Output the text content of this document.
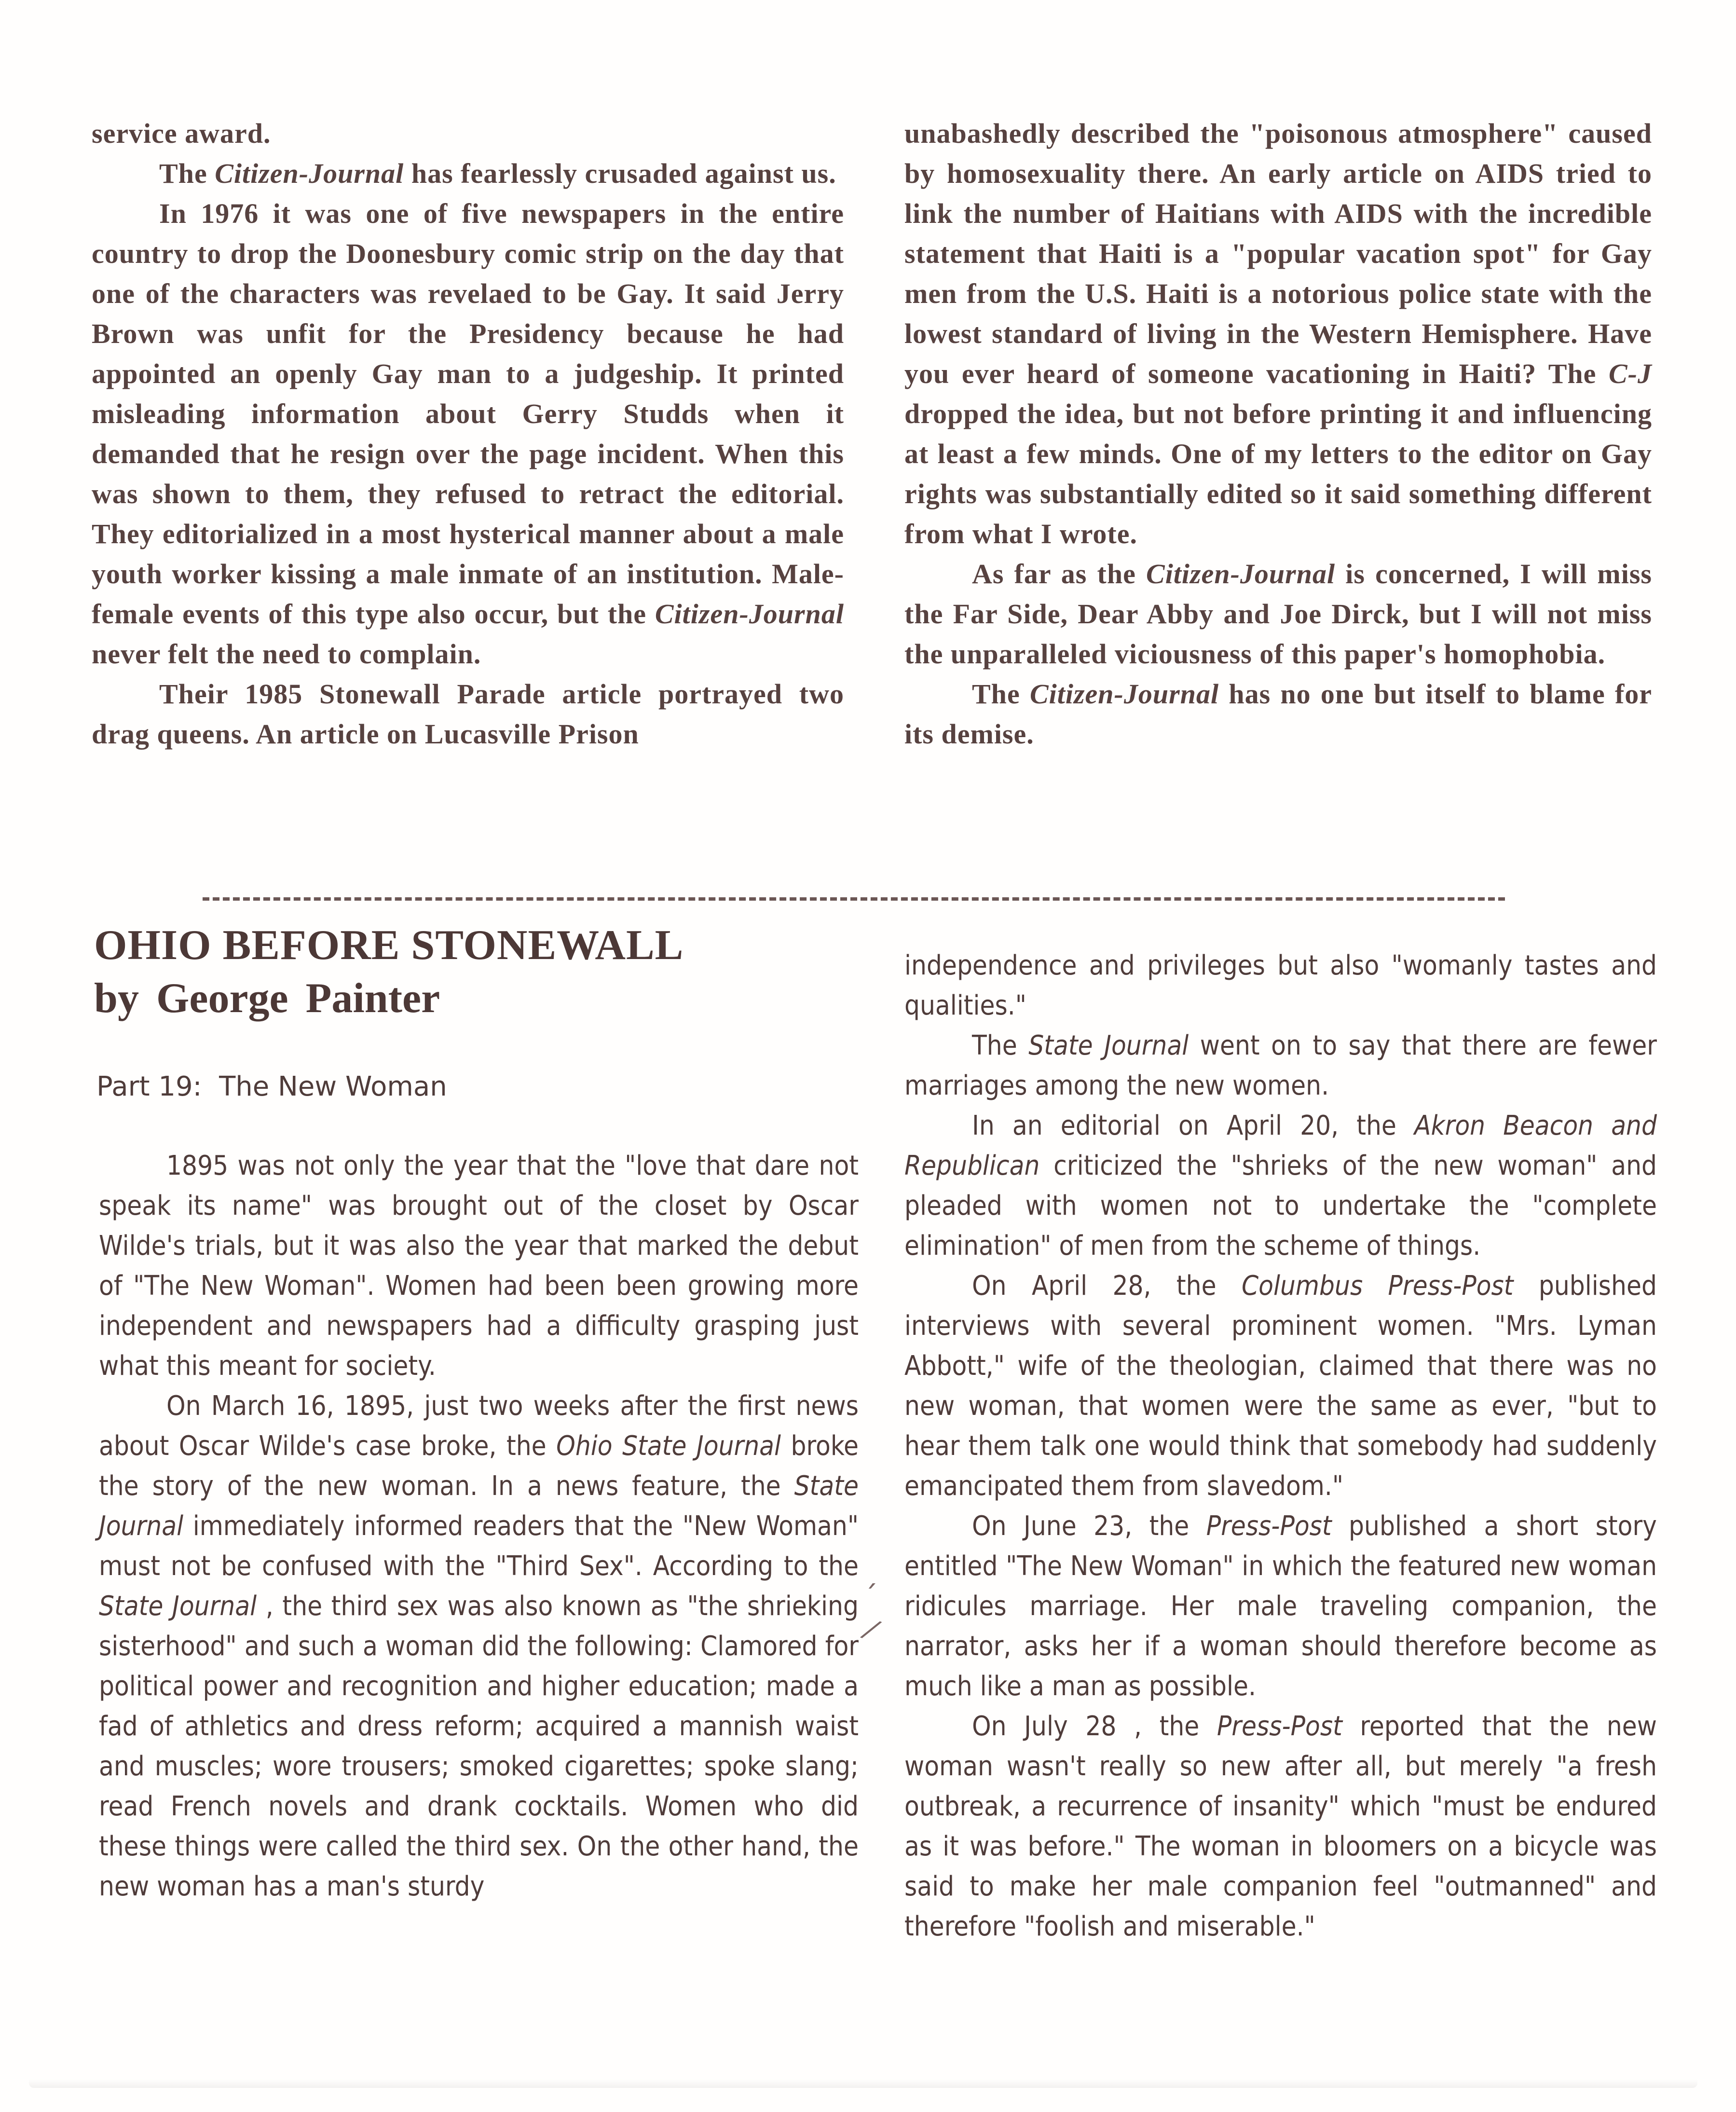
service award.

The Citizen-Journal has fearlessly crusaded against us.

In 1976 it was one of five newspapers in the entire country to drop the Doonesbury comic strip on the day that one of the characters was revelaed to be Gay. It said Jerry Brown was unfit for the Presidency because he had appointed an openly Gay man to a judgeship. It printed misleading information about Gerry Studds when it demanded that he resign over the page incident. When this was shown to them, they refused to retract the editorial. They editorialized in a most hysterical manner about a male youth worker kissing a male inmate of an institution. Male-female events of this type also occur, but the Citizen-Journal never felt the need to complain.

Their 1985 Stonewall Parade article portrayed two drag queens. An article on Lucasville Prison

unabashedly described the "poisonous atmosphere" caused by homosexuality there. An early article on AIDS tried to link the number of Haitians with AIDS with the incredible statement that Haiti is a "popular vacation spot" for Gay men from the U.S. Haiti is a notorious police state with the lowest standard of living in the Western Hemisphere. Have you ever heard of someone vacationing in Haiti? The C-J dropped the idea, but not before printing it and influencing at least a few minds. One of my letters to the editor on Gay rights was substantially edited so it said something different from what I wrote.

As far as the Citizen-Journal is concerned, I will miss the Far Side, Dear Abby and Joe Dirck, but I will not miss the unparalleled viciousness of this paper's homophobia.

The Citizen-Journal has no one but itself to blame for its demise.

OHIO BEFORE STONEWALL
by George Painter
Part 19:  The New Woman

1895 was not only the year that the "love that dare not speak its name" was brought out of the closet by Oscar Wilde's trials, but it was also the year that marked the debut of "The New Woman". Women had been been growing more independent and newspapers had a difficulty grasping just what this meant for society.

On March 16, 1895, just two weeks after the first news about Oscar Wilde's case broke, the Ohio State Journal broke the story of the new woman. In a news feature, the State Journal immediately informed readers that the "New Woman" must not be confused with the "Third Sex". According to the State Journal , the third sex was also known as "the shrieking sisterhood" and such a woman did the following: Clamored for political power and recognition and higher education; made a fad of athletics and dress reform; acquired a mannish waist and muscles; wore trousers; smoked cigarettes; spoke slang; read French novels and drank cocktails. Women who did these things were called the third sex. On the other hand, the new woman has a man's sturdy

independence and privileges but also "womanly tastes and qualities."

The State Journal went on to say that there are fewer marriages among the new women.

In an editorial on April 20, the Akron Beacon and Republican criticized the "shrieks of the new woman" and pleaded with women not to undertake the "complete elimination" of men from the scheme of things.

On April 28, the Columbus Press-Post published interviews with several prominent women. "Mrs. Lyman Abbott," wife of the theologian, claimed that there was no new woman, that women were the same as ever, "but to hear them talk one would think that somebody had suddenly emancipated them from slavedom."

On June 23, the Press-Post published a short story entitled "The New Woman" in which the featured new woman ridicules marriage. Her male traveling companion, the narrator, asks her if a woman should therefore become as much like a man as possible.

On July 28 , the Press-Post reported that the new woman wasn't really so new after all, but merely "a fresh outbreak, a recurrence of insanity" which "must be endured as it was before." The woman in bloomers on a bicycle was said to make her male companion feel "outmanned" and therefore "foolish and miserable."

ˊ
⁄
